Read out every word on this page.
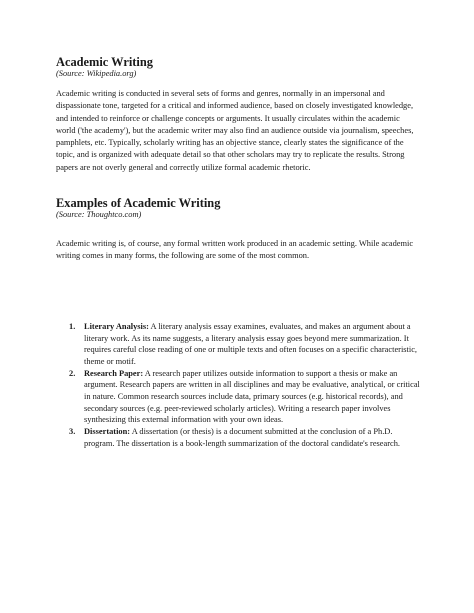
Academic Writing
(Source: Wikipedia.org)
Academic writing is conducted in several sets of forms and genres, normally in an impersonal and dispassionate tone, targeted for a critical and informed audience, based on closely investigated knowledge, and intended to reinforce or challenge concepts or arguments. It usually circulates within the academic world ('the academy'), but the academic writer may also find an audience outside via journalism, speeches, pamphlets, etc. Typically, scholarly writing has an objective stance, clearly states the significance of the topic, and is organized with adequate detail so that other scholars may try to replicate the results. Strong papers are not overly general and correctly utilize formal academic rhetoric.
Examples of Academic Writing
(Source: Thoughtco.com)
Academic writing is, of course, any formal written work produced in an academic setting. While academic writing comes in many forms, the following are some of the most common.
1. Literary Analysis: A literary analysis essay examines, evaluates, and makes an argument about a literary work. As its name suggests, a literary analysis essay goes beyond mere summarization. It requires careful close reading of one or multiple texts and often focuses on a specific characteristic, theme or motif.
2. Research Paper: A research paper utilizes outside information to support a thesis or make an argument. Research papers are written in all disciplines and may be evaluative, analytical, or critical in nature. Common research sources include data, primary sources (e.g. historical records), and secondary sources (e.g. peer-reviewed scholarly articles). Writing a research paper involves synthesizing this external information with your own ideas.
3. Dissertation: A dissertation (or thesis) is a document submitted at the conclusion of a Ph.D. program. The dissertation is a book-length summarization of the doctoral candidate's research.
